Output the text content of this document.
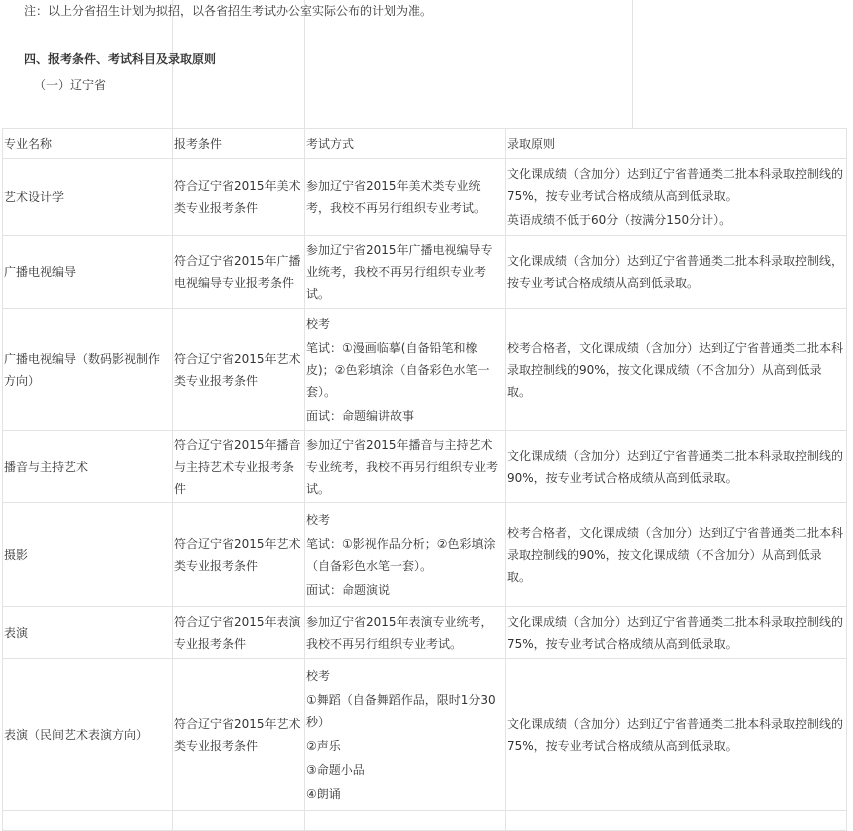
注：以上分省招生计划为拟招，以各省招生考试办公室实际公布的计划为准。
四、报考条件、考试科目及录取原则
（一）辽宁省
专业名称	报考条件	考试方式	录取原则
艺术设计学	符合辽宁省2015年美术类专业报考条件	参加辽宁省2015年美术类专业统考，我校不再另行组织专业考试。	文化课成绩（含加分）达到辽宁省普通类二批本科录取控制线的75%，按专业考试合格成绩从高到低录取。

英语成绩不低于60分（按满分150分计）。

广播电视编导	符合辽宁省2015年广播电视编导专业报考条件	参加辽宁省2015年广播电视编导专业统考，我校不再另行组织专业考试。	文化课成绩（含加分）达到辽宁省普通类二批本科录取控制线，按专业考试合格成绩从高到低录取。

广播电视编导（数码影视制作方向）	符合辽宁省2015年艺术类专业报考条件	校考

笔试：①漫画临摹(自备铅笔和橡皮)；②色彩填涂（自备彩色水笔一套）。

面试：命题编讲故事	校考合格者，文化课成绩（含加分）达到辽宁省普通类二批本科录取控制线的90%，按文化课成绩（不含加分）从高到低录取。

播音与主持艺术	符合辽宁省2015年播音与主持艺术专业报考条件	参加辽宁省2015年播音与主持艺术专业统考，我校不再另行组织专业考试。	文化课成绩（含加分）达到辽宁省普通类二批本科录取控制线的90%，按专业考试合格成绩从高到低录取。

摄影	符合辽宁省2015年艺术类专业报考条件	校考

笔试：①影视作品分析；②色彩填涂（自备彩色水笔一套）。

面试：命题演说	校考合格者，文化课成绩（含加分）达到辽宁省普通类二批本科录取控制线的90%，按文化课成绩（不含加分）从高到低录取。

表演	符合辽宁省2015年表演专业报考条件	参加辽宁省2015年表演专业统考，我校不再另行组织专业考试。	文化课成绩（含加分）达到辽宁省普通类二批本科录取控制线的 75%，按专业考试合格成绩从高到低录取。

表演（民间艺术表演方向）	符合辽宁省2015年艺术类专业报考条件	校考

①舞蹈（自备舞蹈作品，限时1分30秒）

②声乐

③命题小品

④朗诵	文化课成绩（含加分）达到辽宁省普通类二批本科录取控制线的75%，按专业考试合格成绩从高到低录取。
